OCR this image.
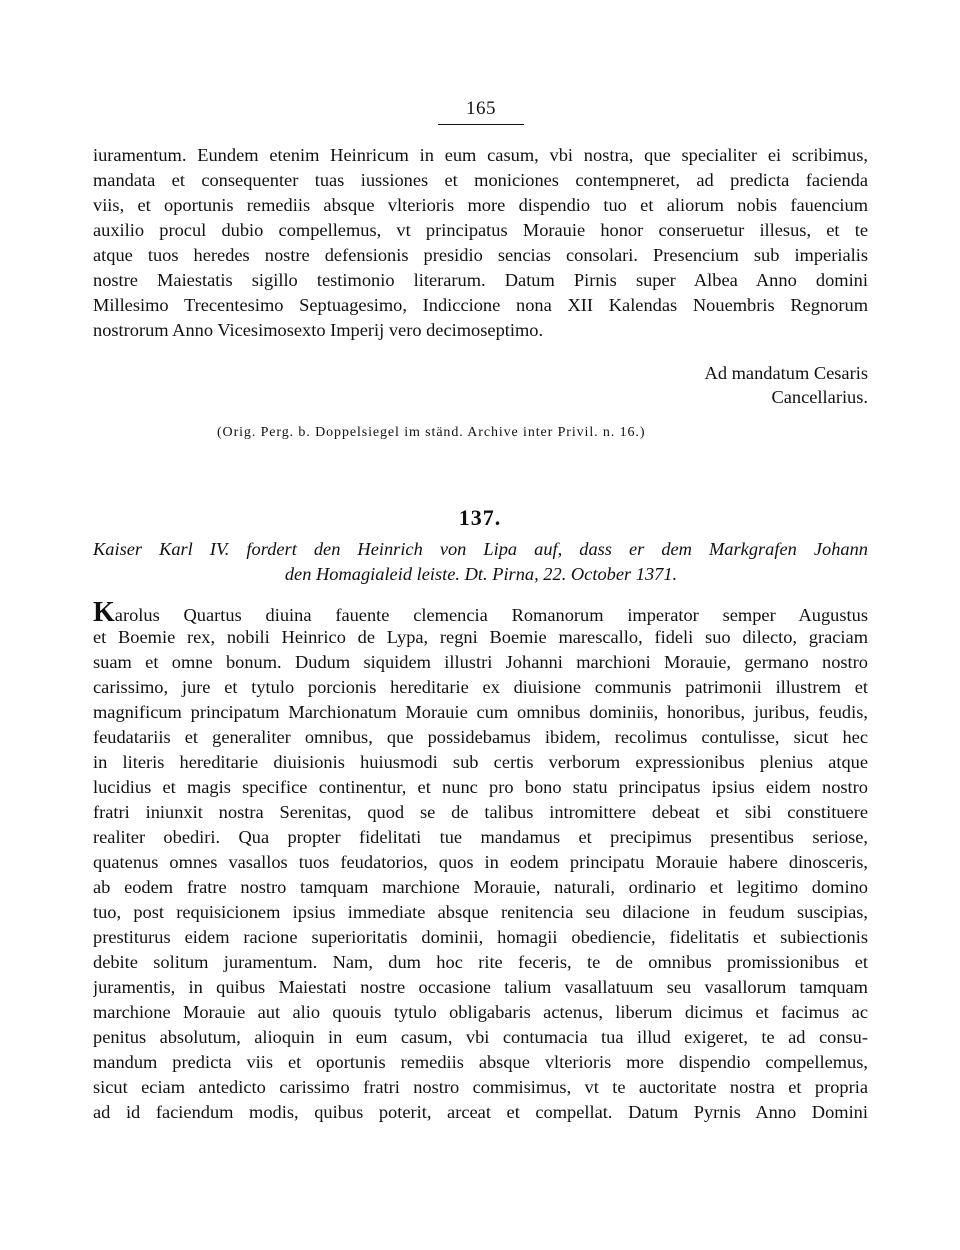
165
iuramentum. Eundem etenim Heinricum in eum casum, vbi nostra, que specialiter ei scribimus,
mandata et consequenter tuas iussiones et moniciones contempneret, ad predicta facienda
viis, et oportunis remediis absque vlterioris more dispendio tuo et aliorum nobis fauencium
auxilio procul dubio compellemus, vt principatus Morauie honor conseruetur illesus, et te
atque tuos heredes nostre defensionis presidio sencias consolari. Presencium sub imperialis
nostre Maiestatis sigillo testimonio literarum. Datum Pirnis super Albea Anno domini
Millesimo Trecentesimo Septuagesimo, Indiccione nona XII Kalendas Nouembris Regnorum
nostrorum Anno Vicesimosexto Imperij vero decimoseptimo.
Ad mandatum Cesaris
Cancellarius.
(Orig. Perg. b. Doppelsiegel im ständ. Archive inter Privil. n. 16.)
137.
Kaiser Karl IV. fordert den Heinrich von Lipa auf, dass er dem Markgrafen Johann
den Homagialeid leiste. Dt. Pirna, 22. October 1371.
Karolus Quartus diuina fauente clemencia Romanorum imperator semper Augustus
et Boemie rex, nobili Heinrico de Lypa, regni Boemie marescallo, fideli suo dilecto, graciam
suam et omne bonum. Dudum siquidem illustri Johanni marchioni Morauie, germano nostro
carissimo, jure et tytulo porcionis hereditarie ex diuisione communis patrimonii illustrem et
magnificum principatum Marchionatum Morauie cum omnibus dominiis, honoribus, juribus, feudis,
feudatariis et generaliter omnibus, que possidebamus ibidem, recolimus contulisse, sicut hec
in literis hereditarie diuisionis huiusmodi sub certis verborum expressionibus plenius atque
lucidius et magis specifice continentur, et nunc pro bono statu principatus ipsius eidem nostro
fratri iniunxit nostra Serenitas, quod se de talibus intromittere debeat et sibi constituere
realiter obediri. Qua propter fidelitati tue mandamus et precipimus presentibus seriose,
quatenus omnes vasallos tuos feudatorios, quos in eodem principatu Morauie habere dinosceris,
ab eodem fratre nostro tamquam marchione Morauie, naturali, ordinario et legitimo domino
tuo, post requisicionem ipsius immediate absque renitencia seu dilacione in feudum suscipias,
prestiturus eidem racione superioritatis dominii, homagii obediencie, fidelitatis et subiectionis
debite solitum juramentum. Nam, dum hoc rite feceris, te de omnibus promissionibus et
juramentis, in quibus Maiestati nostre occasione talium vasallatuum seu vasallorum tamquam
marchione Morauie aut alio quouis tytulo obligabaris actenus, liberum dicimus et facimus ac
penitus absolutum, alioquin in eum casum, vbi contumacia tua illud exigeret, te ad consu-
mandum predicta viis et oportunis remediis absque vlterioris more dispendio compellemus,
sicut eciam antedicto carissimo fratri nostro commisimus, vt te auctoritate nostra et propria
ad id faciendum modis, quibus poterit, arceat et compellat. Datum Pyrnis Anno Domini
